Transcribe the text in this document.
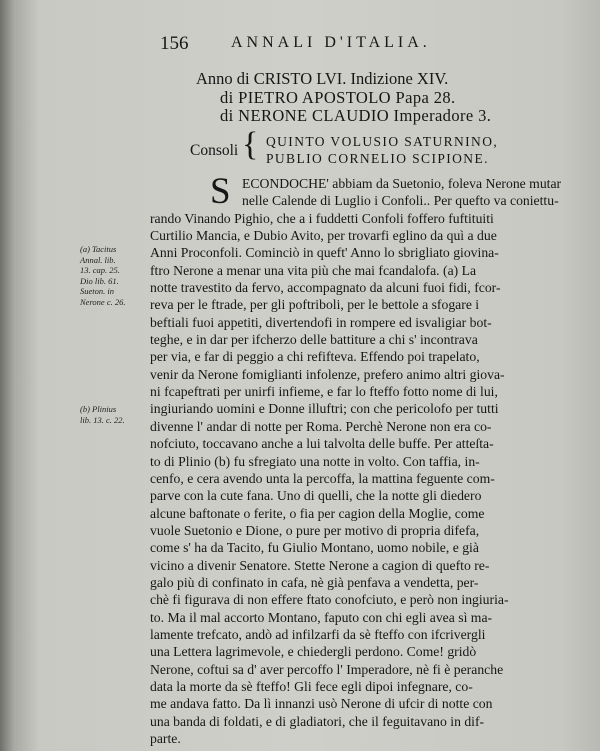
156	ANNALI D'ITALIA.
Anno di CRISTO LVI. Indizione XIV.
di PIETRO APOSTOLO Papa 28.
di NERONE CLAUDIO Imperadore 3.
Consoli { QUINTO VOLUSIO SATURNINO,
PUBLIO CORNELIO SCIPIONE.
(a) Tacitus
Annal. lib.
13. cap. 25.
Dio lib. 61.
Sueton. in
Nerone c. 26.
(b) Plinius
lib. 13. c. 22.
S ECONDOCHE' abbiam da Suetonio, foleva Nerone mutar
nelle Calende di Luglio i Confoli.. Per quefto va coniettu-
rando Vinando Pighio, che a i fuddetti Confoli foffero fuftituiti
Curtilio Mancia, e Dubio Avito, per trovarfi eglino da quì a due
Anni Proconfoli. Cominciò in queft' Anno lo sbrigliato giovina-
ftro Nerone a menar una vita più che mai fcandalofa. (a) La
notte travestito da fervo, accompagnato da alcuni fuoi fidi, fcor-
reva per le ftrade, per gli poftriboli, per le bettole a sfogare i
beftiali fuoi appetiti, divertendofi in rompere ed isvaligiar bot-
teghe, e in dar per ifcherzo delle battiture a chi s' incontrava
per via, e far di peggio a chi refifteva. Effendo poi trapelato,
venir da Nerone fomiglianti infolenze, prefero animo altri giova-
ni fcapeftrati per unirfi infieme, e far lo fteffo fotto nome di lui,
ingiuriando uomini e Donne illuftri; con che pericolofo per tutti
divenne l' andar di notte per Roma. Perchè Nerone non era co-
nofciuto, toccavano anche a lui talvolta delle buffe. Per atteſta-
to di Plinio (b) fu sfregiato una notte in volto. Con taffia, in-
cenfo, e cera avendo unta la percoffa, la mattina feguente com-
parve con la cute fana. Uno di quelli, che la notte gli diedero
alcune baftonate o ferite, o fia per cagion della Moglie, come
vuole Suetonio e Dione, o pure per motivo di propria difefa,
come s' ha da Tacito, fu Giulio Montano, uomo nobile, e già
vicino a divenir Senatore. Stette Nerone a cagion di quefto re-
galo più di confinato in cafa, nè già penfava a vendetta, per-
chè fi figurava di non effere ftato conofciuto, e però non ingiuria-
to. Ma il mal accorto Montano, faputo con chi egli avea sì ma-
lamente trefcato, andò ad infilzarfi da sè fteffo con ifcrivergli
una Lettera lagrimevole, e chiedergli perdono. Come! gridò
Nerone, coftui sa d' aver percoffo l' Imperadore, nè fi è peranche
data la morte da sè fteffo! Gli fece egli dipoi infegnare, co-
me andava fatto. Da lì innanzi usò Nerone di ufcir di notte con
una banda di foldati, e di gladiatori, che il feguitavano in dif-
parte.
